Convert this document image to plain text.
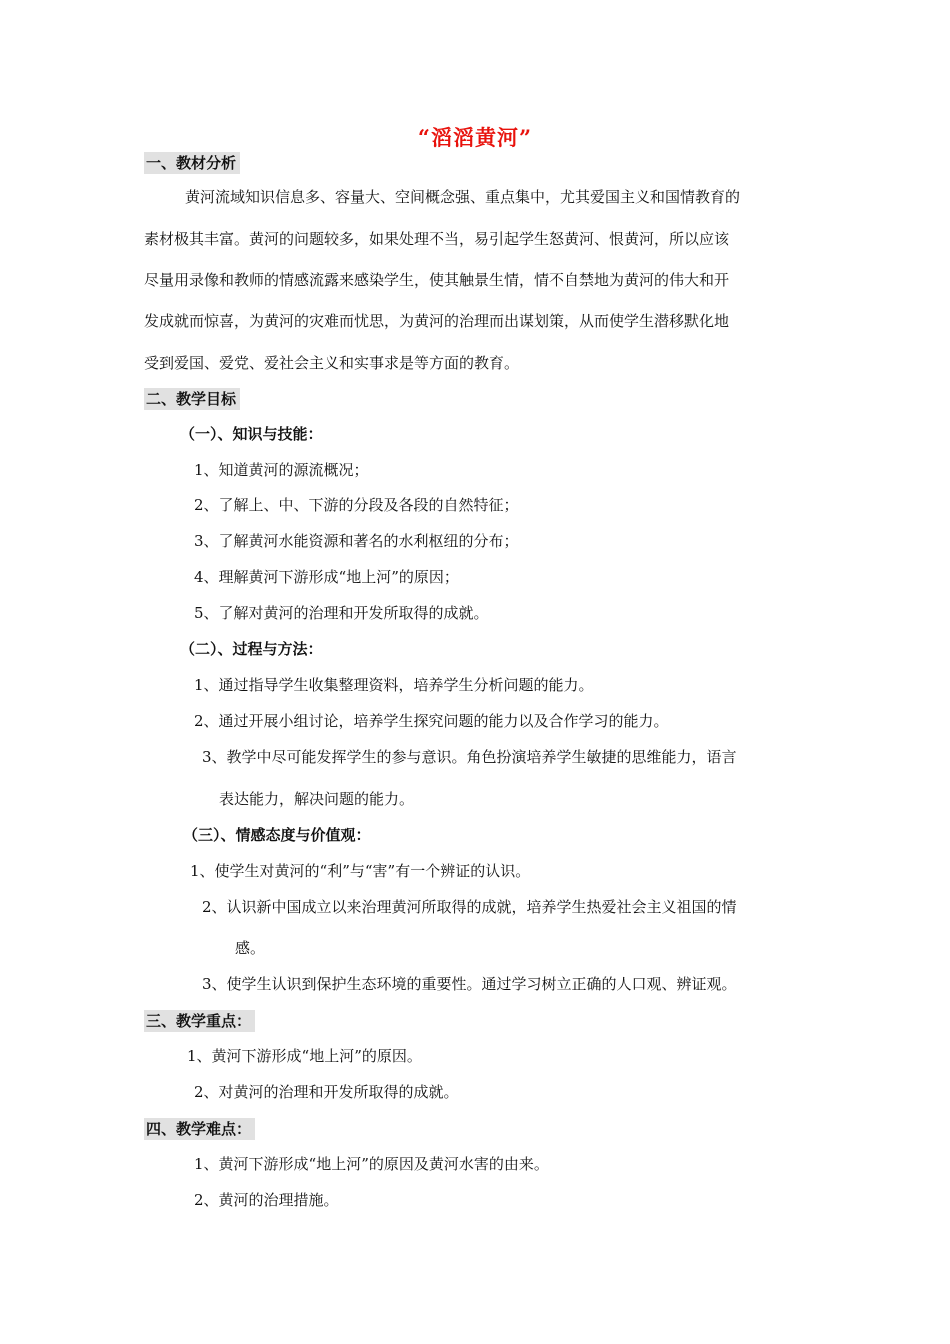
“滔滔黄河”
一、教材分析
黄河流域知识信息多、容量大、空间概念强、重点集中，尤其爱国主义和国情教育的
素材极其丰富。黄河的问题较多，如果处理不当，易引起学生怒黄河、恨黄河，所以应该
尽量用录像和教师的情感流露来感染学生，使其触景生情，情不自禁地为黄河的伟大和开
发成就而惊喜，为黄河的灾难而忧思，为黄河的治理而出谋划策，从而使学生潜移默化地
受到爱国、爱党、爱社会主义和实事求是等方面的教育。
二、教学目标
（一）、知识与技能：
1、知道黄河的源流概况；
2、了解上、中、下游的分段及各段的自然特征；
3、了解黄河水能资源和著名的水利枢纽的分布；
4、理解黄河下游形成“地上河”的原因；
5、了解对黄河的治理和开发所取得的成就。
（二）、过程与方法：
1、通过指导学生收集整理资料，培养学生分析问题的能力。
2、通过开展小组讨论，培养学生探究问题的能力以及合作学习的能力。
3、教学中尽可能发挥学生的参与意识。角色扮演培养学生敏捷的思维能力，语言
表达能力，解决问题的能力。
（三）、情感态度与价值观：
1、使学生对黄河的“利”与“害”有一个辨证的认识。
2、认识新中国成立以来治理黄河所取得的成就，培养学生热爱社会主义祖国的情
感。
3、使学生认识到保护生态环境的重要性。通过学习树立正确的人口观、辨证观。
三、教学重点：
1、黄河下游形成“地上河”的原因。
2、对黄河的治理和开发所取得的成就。
四、教学难点：
1、黄河下游形成“地上河”的原因及黄河水害的由来。
2、黄河的治理措施。
